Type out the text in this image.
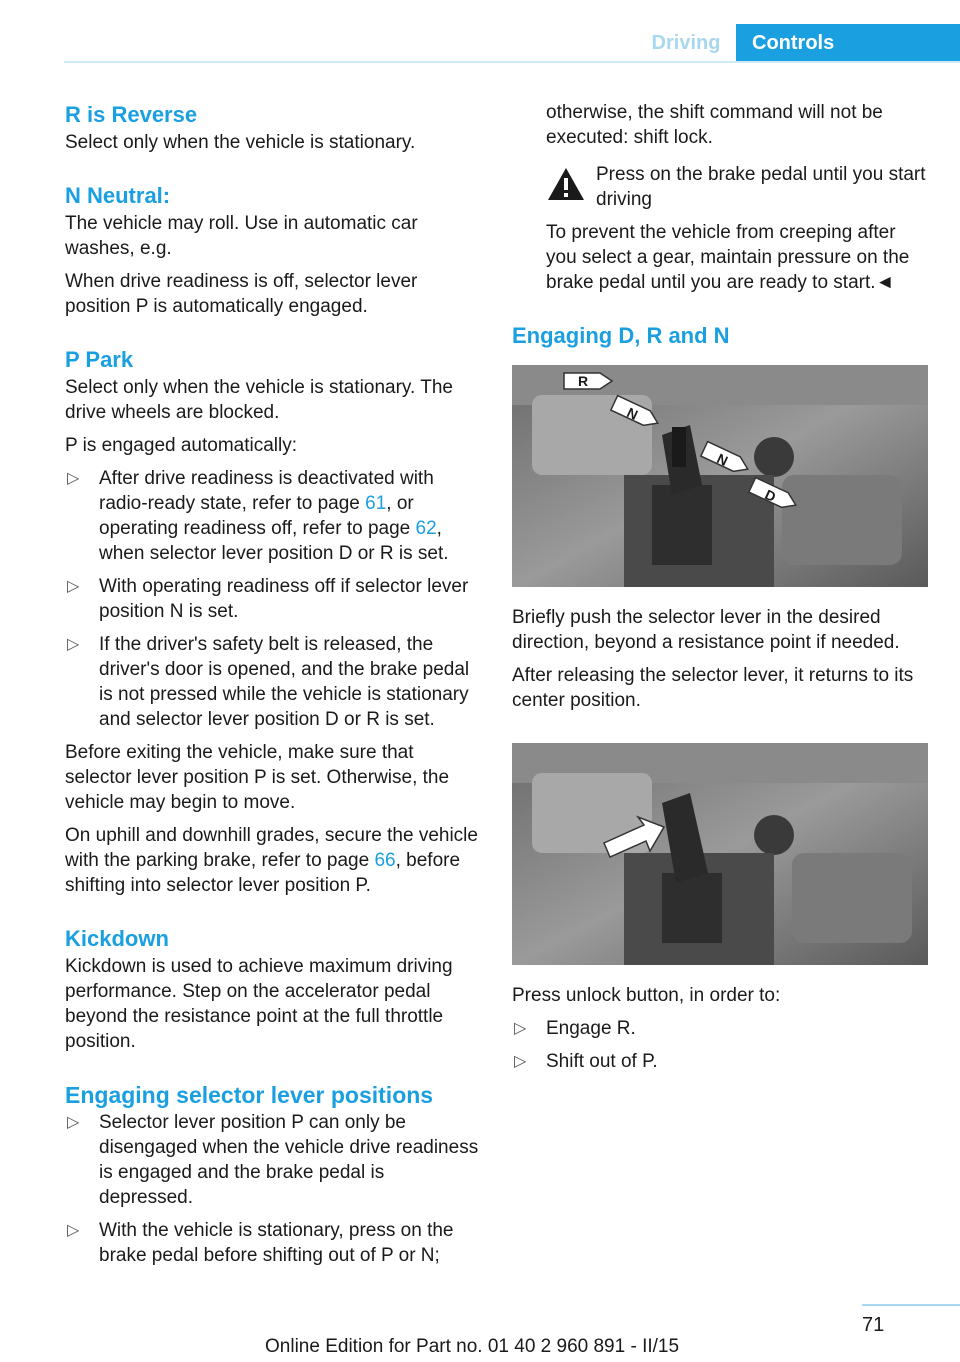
Driving	Controls
R is Reverse

Select only when the vehicle is stationary.

N Neutral:

The vehicle may roll. Use in automatic car washes, e.g.

When drive readiness is off, selector lever position P is automatically engaged.

P Park

Select only when the vehicle is stationary. The drive wheels are blocked.

P is engaged automatically:

▷ After drive readiness is deactivated with radio-ready state, refer to page 61, or operating readiness off, refer to page 62, when selector lever position D or R is set.
▷ With operating readiness off if selector lever position N is set.
▷ If the driver's safety belt is released, the driver's door is opened, and the brake pedal is not pressed while the vehicle is stationary and selector lever position D or R is set.

Before exiting the vehicle, make sure that selector lever position P is set. Otherwise, the vehicle may begin to move.

On uphill and downhill grades, secure the vehicle with the parking brake, refer to page 66, before shifting into selector lever position P.

Kickdown

Kickdown is used to achieve maximum driving performance. Step on the accelerator pedal beyond the resistance point at the full throttle position.

Engaging selector lever positions
▷ Selector lever position P can only be disengaged when the vehicle drive readiness is engaged and the brake pedal is depressed.
▷ With the vehicle is stationary, press on the brake pedal before shifting out of P or N;

otherwise, the shift command will not be executed: shift lock.

Press on the brake pedal until you start driving

To prevent the vehicle from creeping after you select a gear, maintain pressure on the brake pedal until you are ready to start.◄

Engaging D, R and N
R
N
N
D

Briefly push the selector lever in the desired direction, beyond a resistance point if needed.

After releasing the selector lever, it returns to its center position.

Press unlock button, in order to:

▷ Engage R.
▷ Shift out of P.
71
Online Edition for Part no. 01 40 2 960 891 - II/15
